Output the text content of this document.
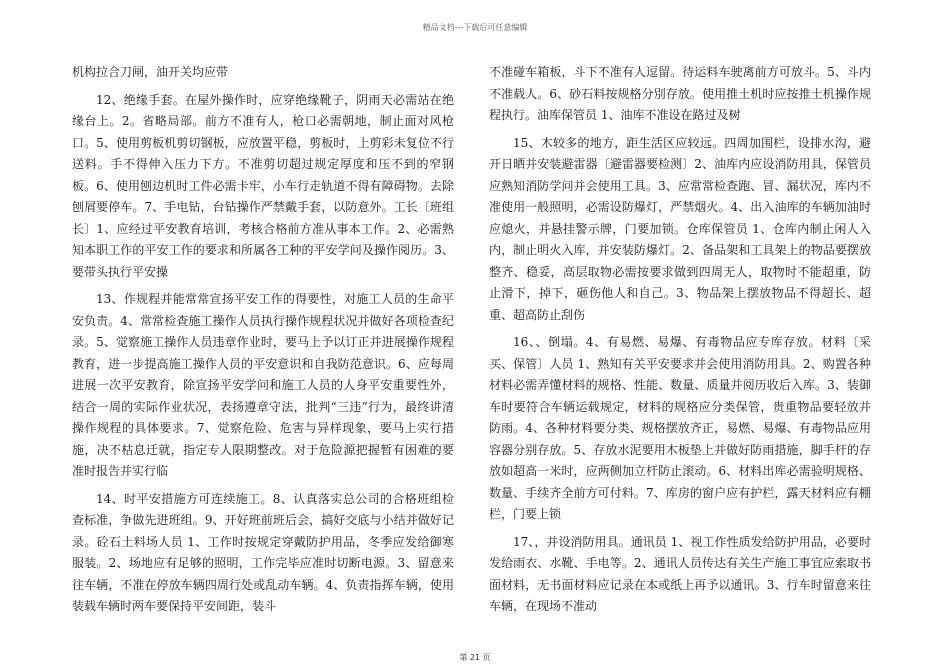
精品文档---下载后可任意编辑

机构拉合刀闸，油开关均应带

12、绝缘手套。在屋外操作时，应穿绝缘靴子，阴雨天必需站在绝缘台上。2。省略局部。前方不准有人，枪口必需朝地，制止面对风枪口。5、使用剪板机剪切钢板，应放置平稳，剪板时，上剪彩未复位不行送料。手不得伸入压力下方。不准剪切超过规定厚度和压不到的窄钢板。6、使用刨边机时工件必需卡牢，小车行走轨道不得有障碍物。去除刨屑要停车。7、手电钻，台钻操作严禁戴手套，以防意外。工长〔班组长〕1、应经过平安教育培训，考核合格前方准从事本工作。2、必需熟知本职工作的平安工作的要求和所属各工种的平安学问及操作阅历。3、要带头执行平安操

13、作规程并能常常宣扬平安工作的得要性，对施工人员的生命平安负责。4、常常检查施工操作人员执行操作规程状况并做好各项检查纪录。5、觉察施工操作人员违章作业时，要马上予以订正并进展操作规程教育，进一步提高施工操作人员的平安意识和自我防范意识。6、应每周进展一次平安教育，除宣扬平安学问和施工人员的人身平安重要性外，结合一周的实际作业状况，表扬遵章守法，批判“三违”行为，最终讲清操作规程的具体要求。7、觉察危险、危害与异样现象，要马上实行措施，决不枯息迁就，指定专人限期整改。对于危险源把握暂有困难的要准时报告并实行临

14、时平安措施方可连续施工。8、认真落实总公司的合格班组检查标准，争做先进班组。9、开好班前班后会，搞好交底与小结并做好记录。砼石土料场人员 1、工作时按规定穿戴防护用品，冬季应发给御寒服装。2、场地应有足够的照明，工作完毕应准时切断电源。3、留意来往车辆，不准在停放车辆四周行处或乱动车辆。4、负责指挥车辆，使用装载车辆时两车要保持平安间距，装斗

不准碰车箱板，斗下不准有人逗留。待运料车驶离前方可放斗。5、斗内不准载人。6、砂石料按规格分別存放。使用推土机时应按推土机操作规程执行。油库保管员 1、油库不准设在路过及树

15、木较多的地方，距生活区应较远。四周加围栏，设排水沟，避开日晒并安装避雷器〔避雷器要检测〕2、油库内应设消防用具，保管员应熟知消防学问并会使用工具。3、应常常检查跑、冒、漏状况，库内不准使用一般照明，必需设防爆灯，严禁烟火。4、出入油库的车辆加油时应熄火，并悬挂警示牌，门要加锁。仓库保管员 1、仓库内制止闲人入内，制止明火入库，并安装防爆灯。2、备品架和工具架上的物品要摆放整齐、稳妥，高层取物必需按要求做到四周无人，取物时不能超重，防止滑下，掉下，砸伤他人和自己。3、物品架上摆放物品不得超长、超重、超高防止刮伤

16、、倒塌。4、有易燃、易爆、有毒物品应专库存放。材料〔采买、保管〕人员 1、熟知有关平安要求并会使用消防用具。2、购置各种材料必需弄懂材料的规格、性能、数量、质量并阅历收后入库。3、装御车时要符合车辆运载规定，材料的规格应分类保管，贵重物品要轻放并防雨。4、各种材料要分类、规格摆放齐正，易燃、易爆、有毒物品应用容器分别存放。5、存放水泥要用木板垫上并做好防雨措施，脚手杆的存放如超高一米时，应两侧加立杆防止滚动。6、材料出库必需验明规格、数量、手续齐全前方可付料。7、库房的窗户应有护栏，露天材料应有棚栏，门要上锁

17、，并设消防用具。通讯员 1、视工作性质发给防护用品，必要时发给雨衣、水靴、手电等。2、通讯人员传达有关生产施工事宜应索取书面材料，无书面材料应记录在本或纸上再予以通讯。3、行车时留意来往车辆，在现场不准动

第 21 页
